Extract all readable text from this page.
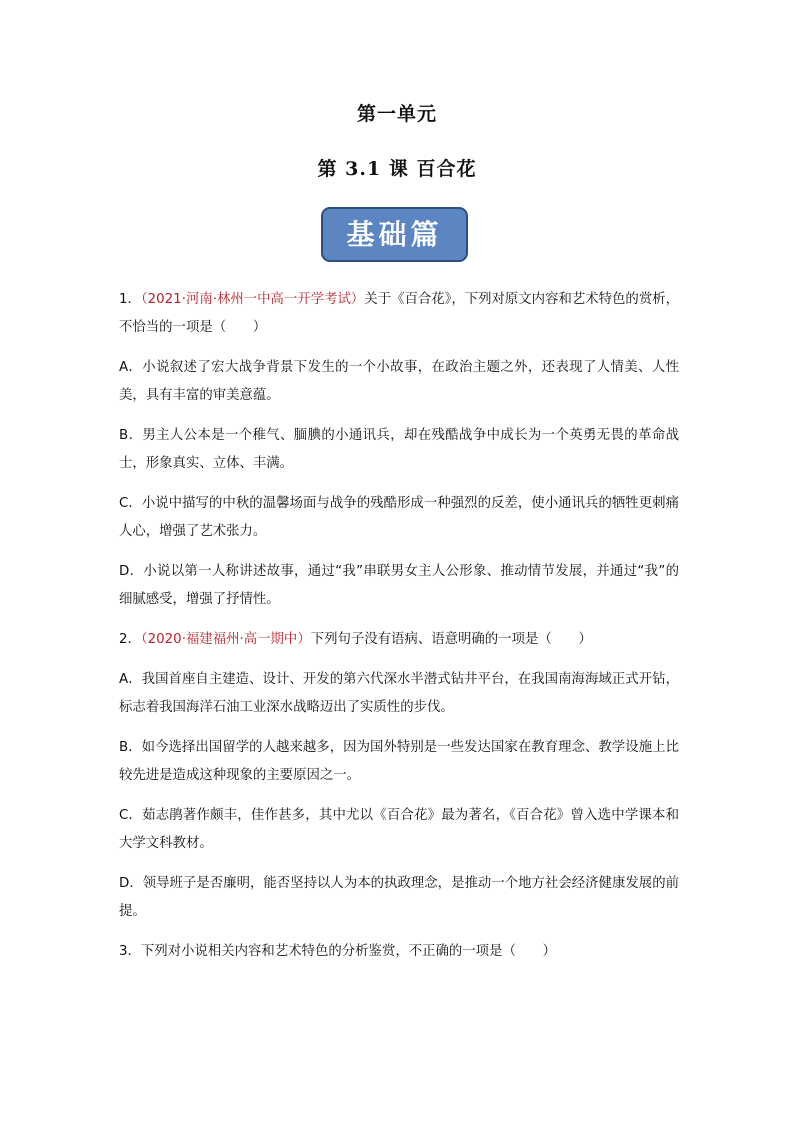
第一单元
第 3.1 课 百合花
基础篇

1．（2021·河南·林州一中高一开学考试）关于《百合花》，下列对原文内容和艺术特色的赏析，不恰当的一项是（　　）

A．小说叙述了宏大战争背景下发生的一个小故事，在政治主题之外，还表现了人情美、人性美，具有丰富的审美意蕴。

B．男主人公本是一个稚气、腼腆的小通讯兵，却在残酷战争中成长为一个英勇无畏的革命战士，形象真实、立体、丰满。

C．小说中描写的中秋的温馨场面与战争的残酷形成一种强烈的反差，使小通讯兵的牺牲更刺痛人心，增强了艺术张力。

D．小说以第一人称讲述故事，通过“我”串联男女主人公形象、推动情节发展，并通过“我”的细腻感受，增强了抒情性。

2．（2020·福建福州·高一期中）下列句子没有语病、语意明确的一项是（　　）

A．我国首座自主建造、设计、开发的第六代深水半潜式钻井平台，在我国南海海域正式开钻，标志着我国海洋石油工业深水战略迈出了实质性的步伐。

B．如今选择出国留学的人越来越多，因为国外特别是一些发达国家在教育理念、教学设施上比较先进是造成这种现象的主要原因之一。

C．茹志鹃著作颇丰，佳作甚多，其中尤以《百合花》最为著名，《百合花》曾入选中学课本和大学文科教材。

D．领导班子是否廉明，能否坚持以人为本的执政理念，是推动一个地方社会经济健康发展的前提。

3．下列对小说相关内容和艺术特色的分析鉴赏，不正确的一项是（　　）
